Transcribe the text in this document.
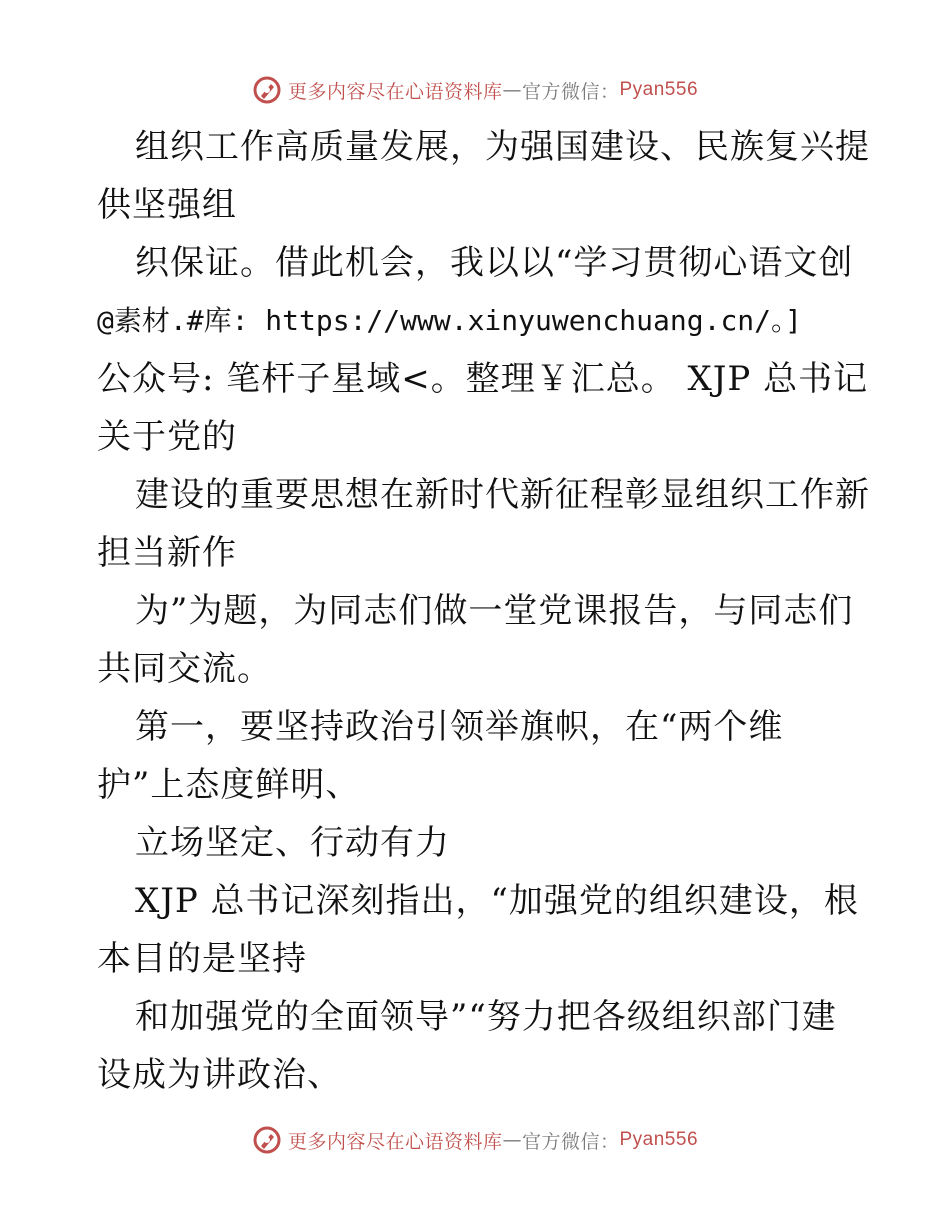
更多内容尽在心语资料库 — 官方微信： Pyan556
组织工作高质量发展，为强国建设、民族复兴提
供坚强组
织保证。借此机会，我以以“学习贯彻心语文创
@素材.#库: https://www.xinyuwenchuang.cn/。]
公众号: 笔杆子星域<。整理￥汇总。 XJP 总书记
关于党的
建设的重要思想在新时代新征程彰显组织工作新
担当新作
为”为题，为同志们做一堂党课报告，与同志们
共同交流。
第一，要坚持政治引领举旗帜，在“两个维
护”上态度鲜明、
立场坚定、行动有力
XJP 总书记深刻指出，“加强党的组织建设，根
本目的是坚持
和加强党的全面领导”“努力把各级组织部门建
设成为讲政治、
更多内容尽在心语资料库 — 官方微信： Pyan556
